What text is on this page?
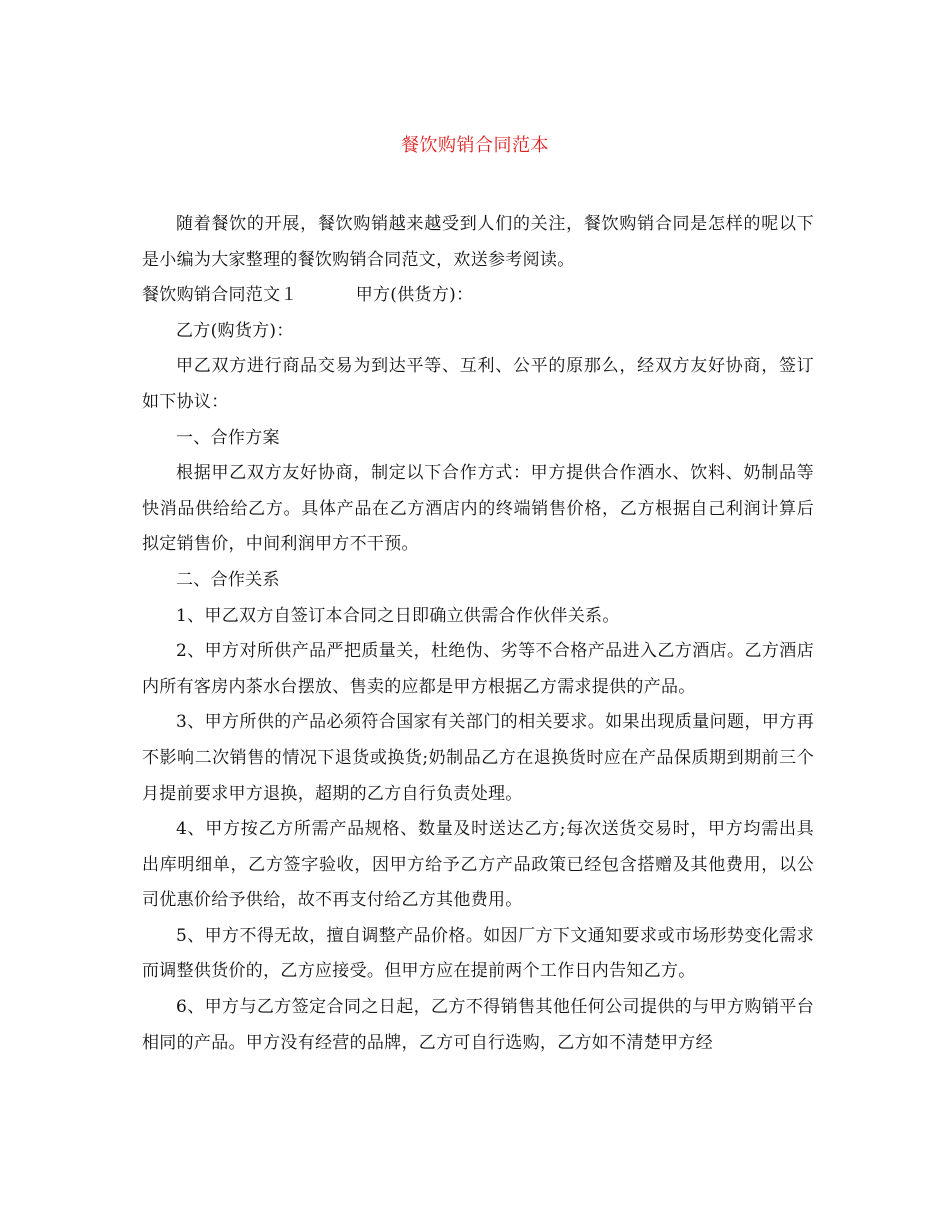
餐饮购销合同范本

随着餐饮的开展，餐饮购销越来越受到人们的关注，餐饮购销合同是怎样的呢以下是小编为大家整理的餐饮购销合同范文，欢送参考阅读。

餐饮购销合同范文１	甲方(供货方)：

乙方(购货方)：

甲乙双方进行商品交易为到达平等、互利、公平的原那么，经双方友好协商，签订如下协议：

一、合作方案

根据甲乙双方友好协商，制定以下合作方式：甲方提供合作酒水、饮料、奶制品等快消品供给给乙方。具体产品在乙方酒店内的终端销售价格，乙方根据自己利润计算后拟定销售价，中间利润甲方不干预。

二、合作关系

1、甲乙双方自签订本合同之日即确立供需合作伙伴关系。

2、甲方对所供产品严把质量关，杜绝伪、劣等不合格产品进入乙方酒店。乙方酒店内所有客房内茶水台摆放、售卖的应都是甲方根据乙方需求提供的产品。

3、甲方所供的产品必须符合国家有关部门的相关要求。如果出现质量问题，甲方再不影响二次销售的情况下退货或换货;奶制品乙方在退换货时应在产品保质期到期前三个月提前要求甲方退换，超期的乙方自行负责处理。

4、甲方按乙方所需产品规格、数量及时送达乙方;每次送货交易时，甲方均需出具出库明细单，乙方签字验收，因甲方给予乙方产品政策已经包含搭赠及其他费用，以公司优惠价给予供给，故不再支付给乙方其他费用。

5、甲方不得无故，擅自调整产品价格。如因厂方下文通知要求或市场形势变化需求而调整供货价的，乙方应接受。但甲方应在提前两个工作日内告知乙方。

6、甲方与乙方签定合同之日起，乙方不得销售其他任何公司提供的与甲方购销平台相同的产品。甲方没有经营的品牌，乙方可自行选购，乙方如不清楚甲方经
